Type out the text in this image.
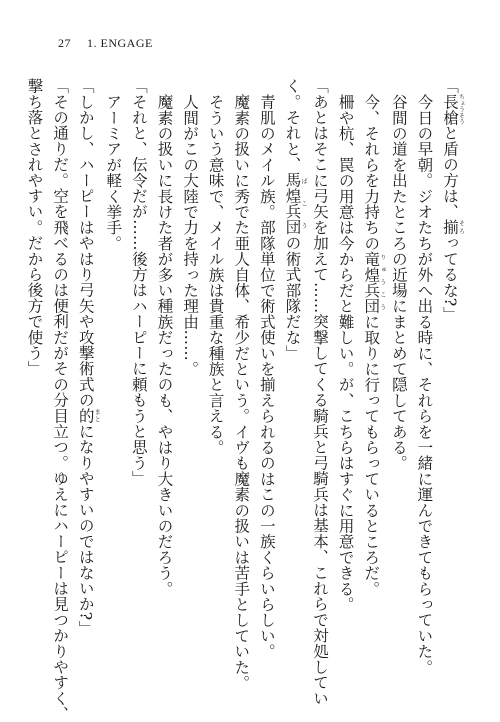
27 1. ENGAGE

「長槍ちょうそうと盾の方は、揃そろってるな?」

今日の早朝。ジオたちが外へ出る時に、それらを一緒に運んできてもらっていた。

谷間の道を出たところの近場にまとめて隠してある。

今、それらを力持ちの竜煌兵団りゅうこうに取りに行ってもらっているところだ。

柵や杭、罠の用意は今からだと難しい。が、こちらはすぐに用意できる。

「あとはそこに弓矢を加えて……突撃してくる騎兵と弓騎兵は基本、これらで対処してい

く。それと、馬煌兵団ばこうの術式部隊だな」

青肌のメイル族。部隊単位で術式使いを揃えられるのはこの一族くらいらしい。

魔素の扱いに秀でた亜人自体、希少だという。イヴも魔素の扱いは苦手としていた。

そういう意味で、メイル族は貴重な種族と言える。

人間がこの大陸で力を持った理由……。

魔素の扱いに長けた者が多い種族だったのも、やはり大きいのだろう。

「それと、伝令だが……後方はハーピーに頼もうと思う」

アーミアが軽く挙手。

「しかし、ハーピーはやはり弓矢や攻撃術式の的まとになりやすいのではないか?」

「その通りだ。空を飛べるのは便利だがその分目立つ。ゆえにハーピーは見つかりやすく、

撃ち落とされやすい。だから後方で使う」
